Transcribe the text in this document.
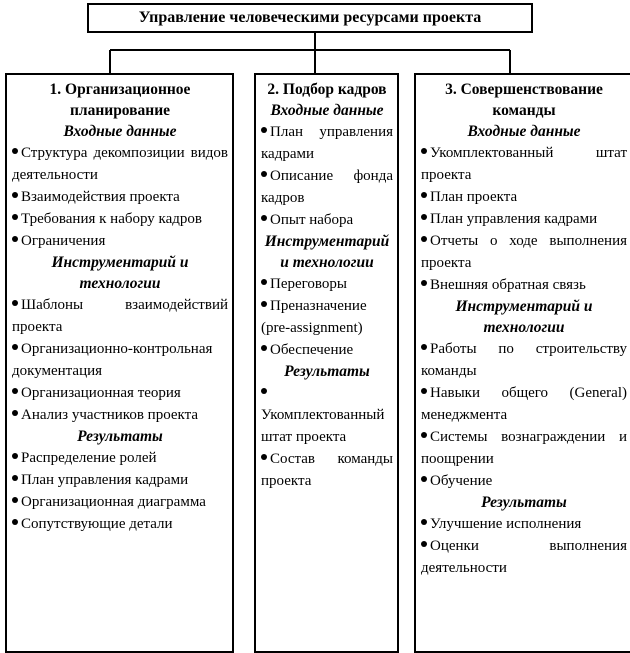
Управление человеческими ресурсами проекта
1. Организационное планирование
Входные данные
Структура декомпозиции видов деятельности
Взаимодействия проекта
Требования к набору кадров
Ограничения
Инструментарий и технологии
Шаблоны взаимодействий проекта
Организационно-контрольная документация
Организационная теория
Анализ участников проекта
Результаты
Распределение ролей
План управления кадрами
Организационная диаграмма
Сопутствующие детали
2. Подбор кадров
Входные данные
План управления кадрами
Описание фонда кадров
Опыт набора
Инструментарий и технологии
Переговоры
Преназначение (pre-assignment)
Обеспечение
Результаты
Укомплектованный штат проекта
Состав команды проекта
3. Совершенствование команды
Входные данные
Укомплектованный штат проекта
План проекта
План управления кадрами
Отчеты о ходе выполнения проекта
Внешняя обратная связь
Инструментарий и технологии
Работы по строительству команды
Навыки общего (General) менеджмента
Системы вознаграждении и поощрении
Обучение
Результаты
Улучшение исполнения
Оценки выполнения деятельности
